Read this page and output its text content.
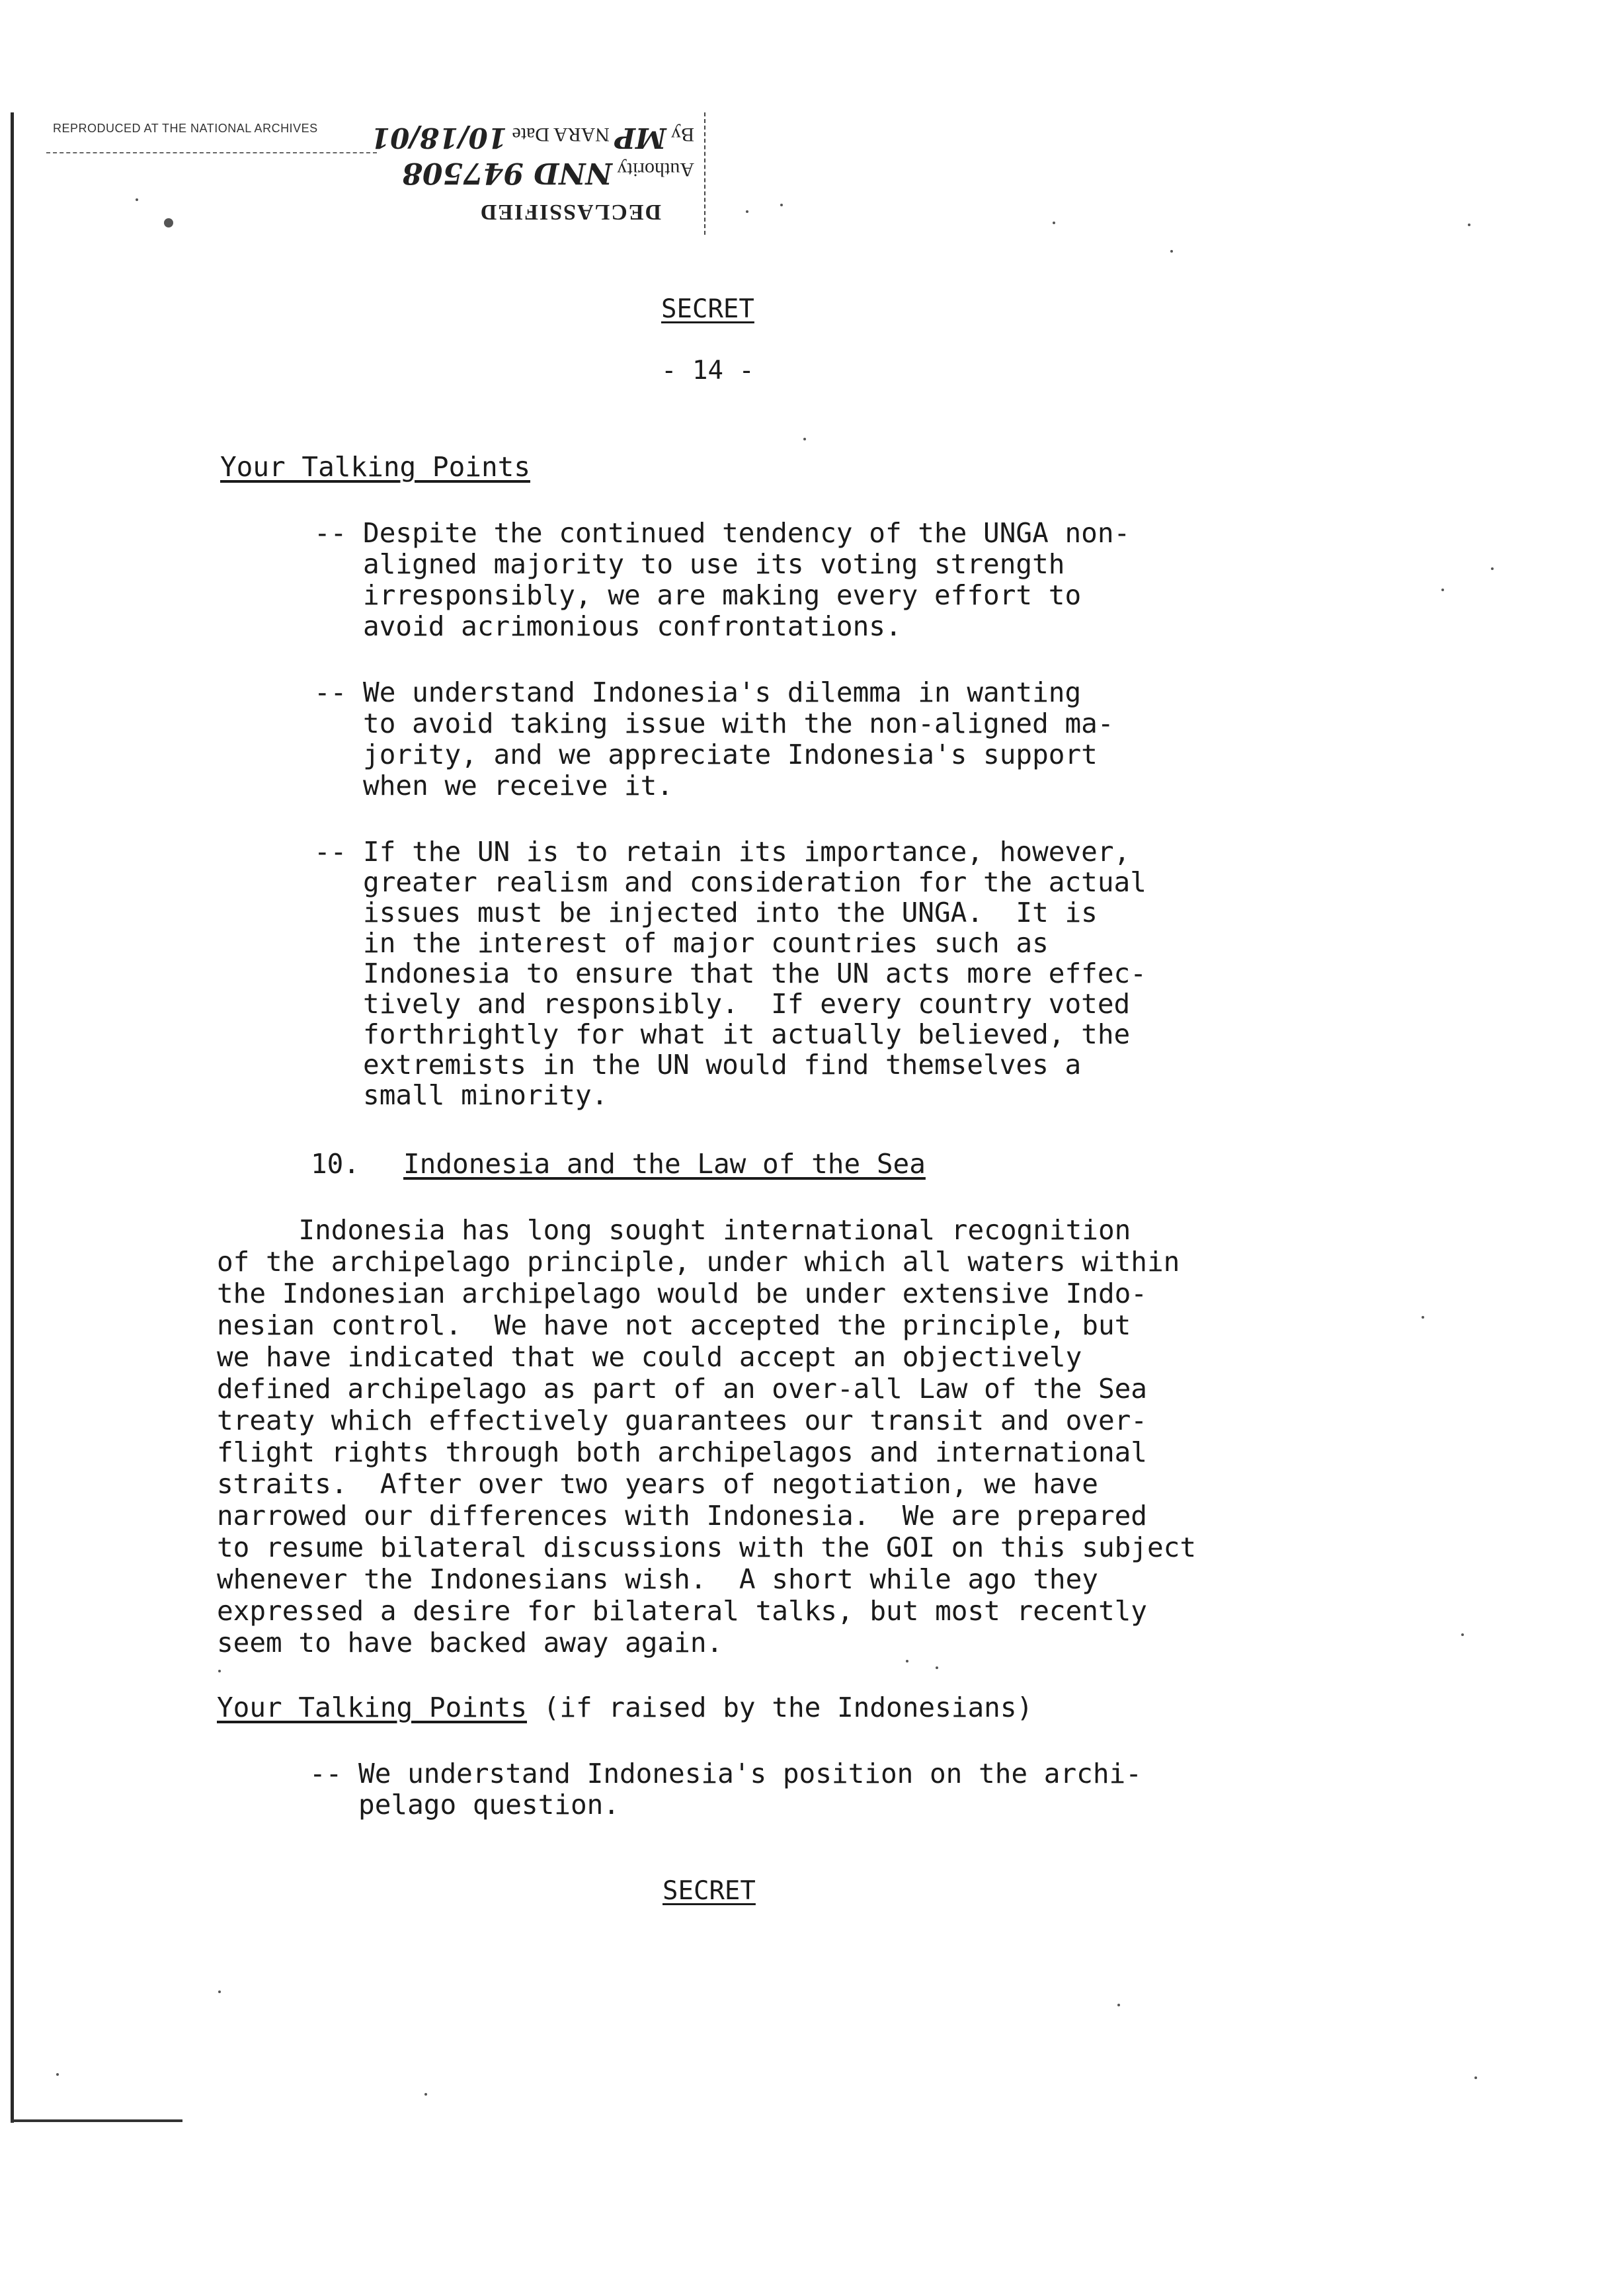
REPRODUCED AT THE NATIONAL ARCHIVES
DECLASSIFIED
Authority NND 947508
By MP NARA Date 10/18/01
SECRET
- 14 -
Your Talking Points
-- Despite the continued tendency of the UNGA non-
aligned majority to use its voting strength
irresponsibly, we are making every effort to
avoid acrimonious confrontations.
-- We understand Indonesia's dilemma in wanting
to avoid taking issue with the non-aligned ma-
jority, and we appreciate Indonesia's support
when we receive it.
-- If the UN is to retain its importance, however,
greater realism and consideration for the actual
issues must be injected into the UNGA.  It is
in the interest of major countries such as
Indonesia to ensure that the UN acts more effec-
tively and responsibly.  If every country voted
forthrightly for what it actually believed, the
extremists in the UN would find themselves a
small minority.
10. Indonesia and the Law of the Sea
Indonesia has long sought international recognition
of the archipelago principle, under which all waters within
the Indonesian archipelago would be under extensive Indo-
nesian control.  We have not accepted the principle, but
we have indicated that we could accept an objectively
defined archipelago as part of an over-all Law of the Sea
treaty which effectively guarantees our transit and over-
flight rights through both archipelagos and international
straits.  After over two years of negotiation, we have
narrowed our differences with Indonesia.  We are prepared
to resume bilateral discussions with the GOI on this subject
whenever the Indonesians wish.  A short while ago they
expressed a desire for bilateral talks, but most recently
seem to have backed away again.
Your Talking Points (if raised by the Indonesians)
-- We understand Indonesia's position on the archi-
pelago question.
SECRET
